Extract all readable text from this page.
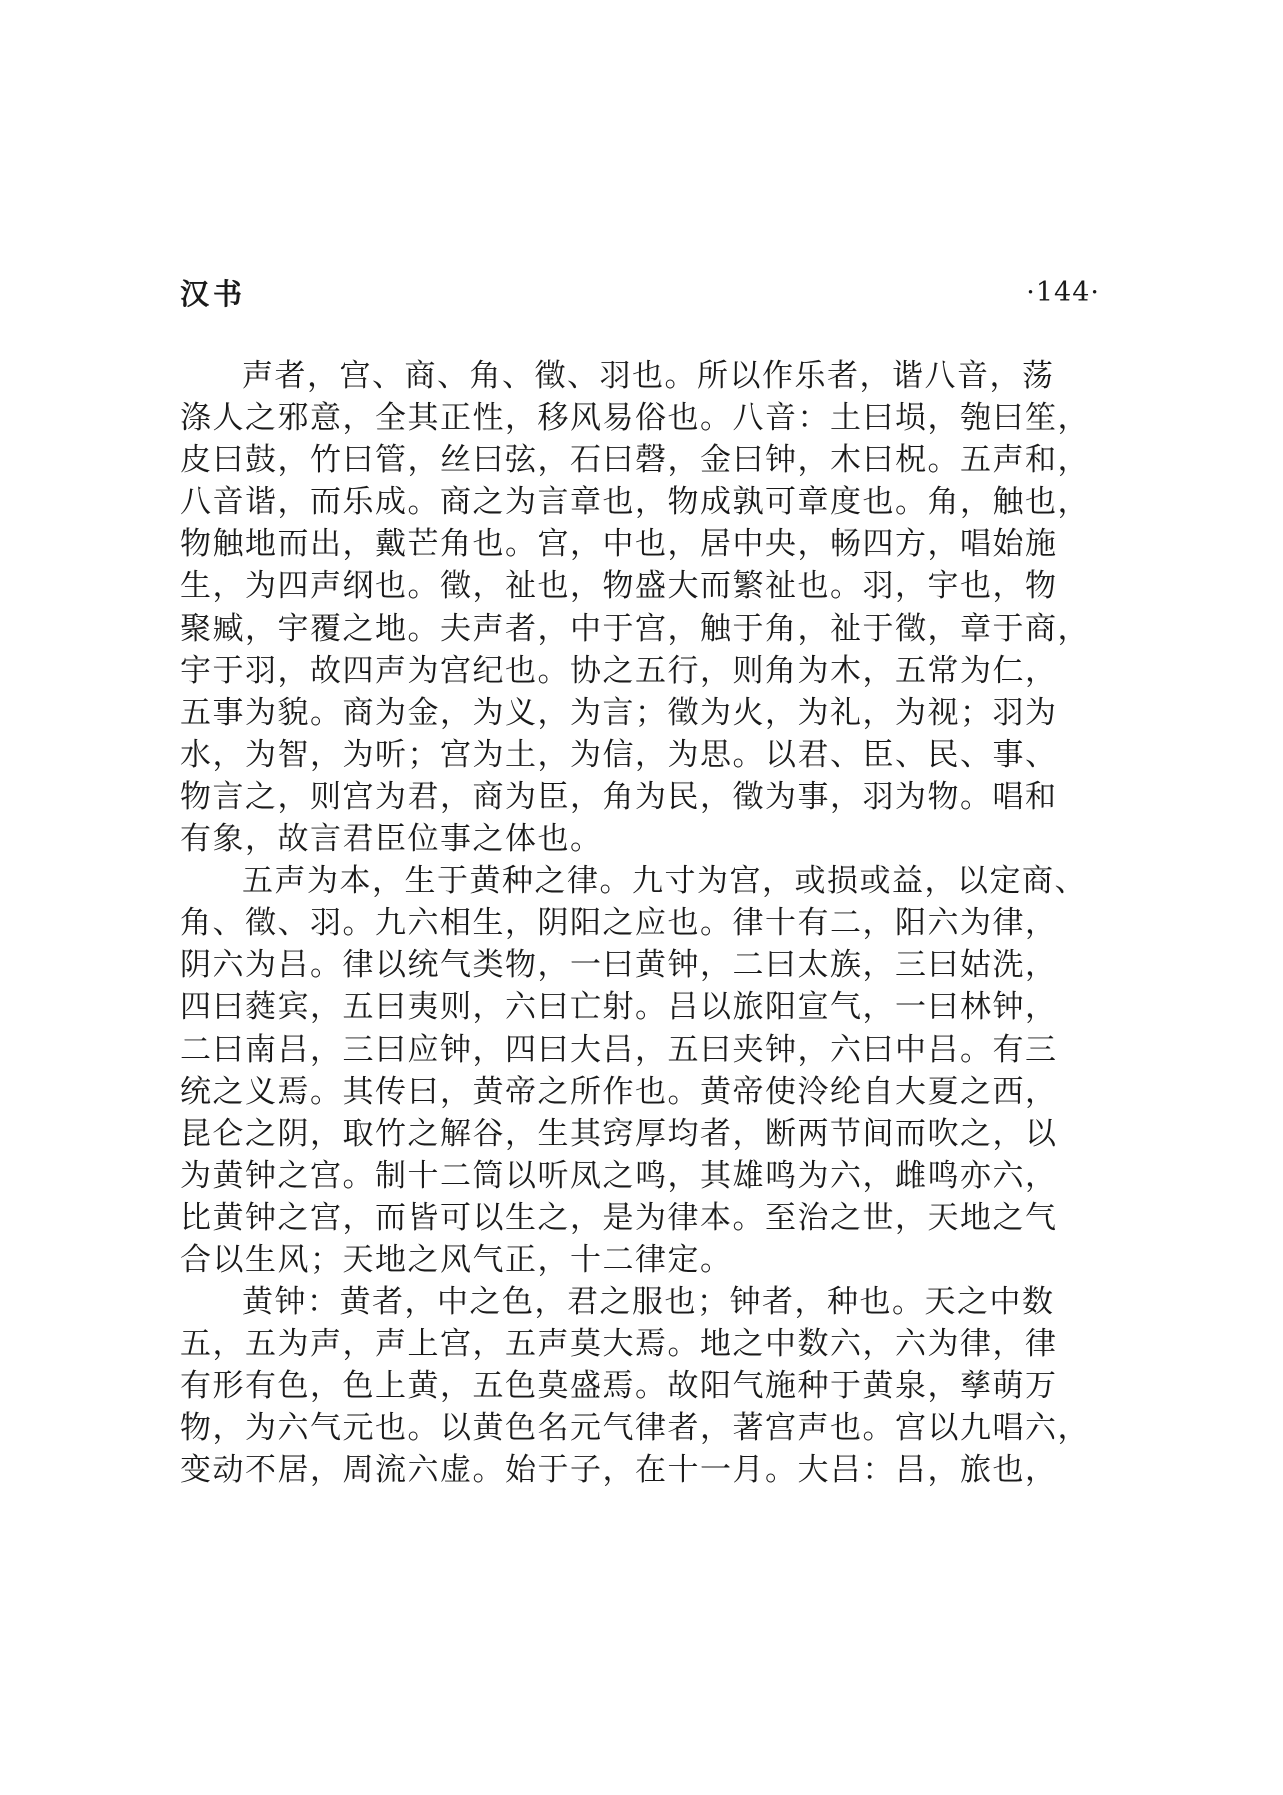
汉书	·144·
声者，宫、商、角、徵、羽也。所以作乐者，谐八音，荡
涤人之邪意，全其正性，移风易俗也。八音：土曰埙，匏曰笙，
皮曰鼓，竹曰管，丝曰弦，石曰磬，金曰钟，木曰柷。五声和，
八音谐，而乐成。商之为言章也，物成孰可章度也。角，触也，
物触地而出，戴芒角也。宫，中也，居中央，畅四方，唱始施
生，为四声纲也。徵，祉也，物盛大而繁祉也。羽，宇也，物
聚臧，宇覆之地。夫声者，中于宫，触于角，祉于徵，章于商，
宇于羽，故四声为宫纪也。协之五行，则角为木，五常为仁，
五事为貌。商为金，为义，为言；徵为火，为礼，为视；羽为
水，为智，为听；宫为土，为信，为思。以君、臣、民、事、
物言之，则宫为君，商为臣，角为民，徵为事，羽为物。唱和
有象，故言君臣位事之体也。
五声为本，生于黄种之律。九寸为宫，或损或益，以定商、
角、徵、羽。九六相生，阴阳之应也。律十有二，阳六为律，
阴六为吕。律以统气类物，一曰黄钟，二曰太族，三曰姑洗，
四曰蕤宾，五曰夷则，六曰亡射。吕以旅阳宣气，一曰林钟，
二曰南吕，三曰应钟，四曰大吕，五曰夹钟，六曰中吕。有三
统之义焉。其传曰，黄帝之所作也。黄帝使泠纶自大夏之西，
昆仑之阴，取竹之解谷，生其窍厚均者，断两节间而吹之，以
为黄钟之宫。制十二筒以听凤之鸣，其雄鸣为六，雌鸣亦六，
比黄钟之宫，而皆可以生之，是为律本。至治之世，天地之气
合以生风；天地之风气正，十二律定。
黄钟：黄者，中之色，君之服也；钟者，种也。天之中数
五，五为声，声上宫，五声莫大焉。地之中数六，六为律，律
有形有色，色上黄，五色莫盛焉。故阳气施种于黄泉，孳萌万
物，为六气元也。以黄色名元气律者，著宫声也。宫以九唱六，
变动不居，周流六虚。始于子，在十一月。大吕：吕，旅也，
